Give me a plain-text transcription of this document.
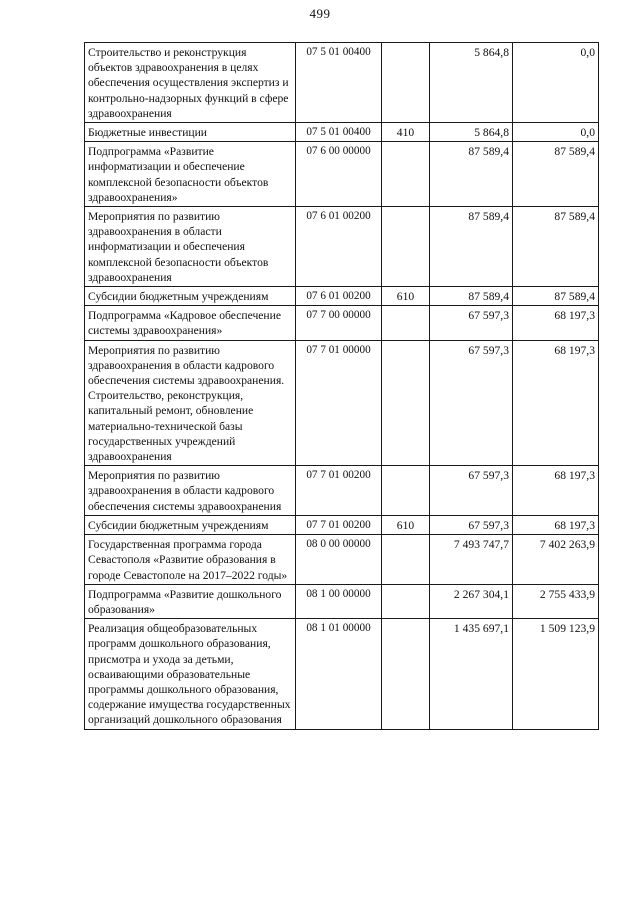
499
Строительство и реконструкция объектов здравоохранения в целях обеспечения осуществления экспертиз и контрольно-надзорных функций в сфере здравоохранения	07 5 01 00400		5 864,8	0,0
Бюджетные инвестиции	07 5 01 00400	410	5 864,8	0,0
Подпрограмма «Развитие информатизации и обеспечение комплексной безопасности объектов здравоохранения»	07 6 00 00000		87 589,4	87 589,4
Мероприятия по развитию здравоохранения в области информатизации и обеспечения комплексной безопасности объектов здравоохранения	07 6 01 00200		87 589,4	87 589,4
Субсидии бюджетным учреждениям	07 6 01 00200	610	87 589,4	87 589,4
Подпрограмма «Кадровое обеспечение системы здравоохранения»	07 7 00 00000		67 597,3	68 197,3
Мероприятия по развитию здравоохранения в области кадрового обеспечения системы здравоохранения. Строительство, реконструкция, капитальный ремонт, обновление материально-технической базы государственных учреждений здравоохранения	07 7 01 00000		67 597,3	68 197,3
Мероприятия по развитию здравоохранения в области кадрового обеспечения системы здравоохранения	07 7 01 00200		67 597,3	68 197,3
Субсидии бюджетным учреждениям	07 7 01 00200	610	67 597,3	68 197,3
Государственная программа города Севастополя «Развитие образования в городе Севастополе на 2017–2022 годы»	08 0 00 00000		7 493 747,7	7 402 263,9
Подпрограмма «Развитие дошкольного образования»	08 1 00 00000		2 267 304,1	2 755 433,9
Реализация общеобразовательных программ дошкольного образования, присмотра и ухода за детьми, осваивающими образовательные программы дошкольного образования, содержание имущества государственных организаций дошкольного образования	08 1 01 00000		1 435 697,1	1 509 123,9
